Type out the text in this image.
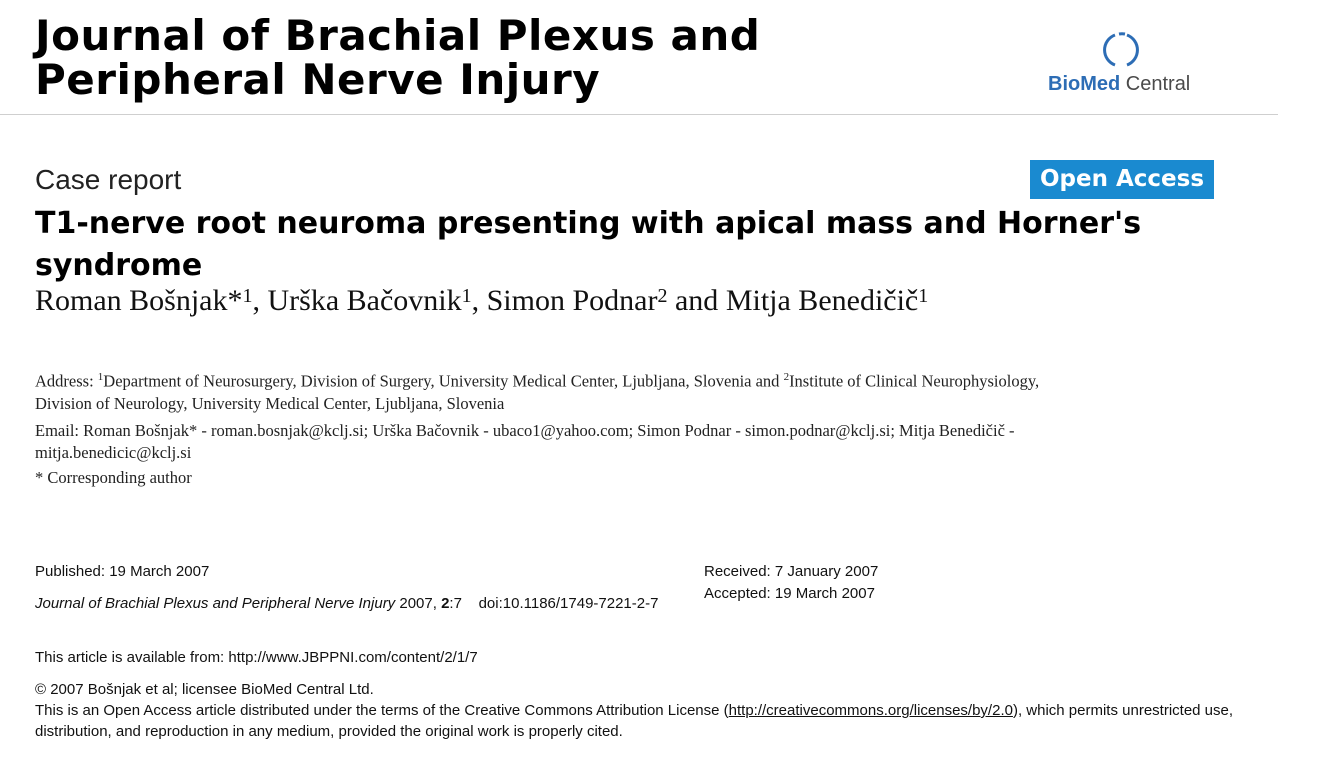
Journal of Brachial Plexus and
Peripheral Nerve Injury	BioMed Central
Case report	Open Access
T1-nerve root neuroma presenting with apical mass and Horner's syndrome
Roman Bošnjak*$^1$, Urška Bačovnik$^1$, Simon Podnar$^2$ and Mitja Benedičič$^1$
Address: $^1$Department of Neurosurgery, Division of Surgery, University Medical Center, Ljubljana, Slovenia and $^2$Institute of Clinical Neurophysiology, Division of Neurology, University Medical Center, Ljubljana, Slovenia
Email: Roman Bošnjak* - roman.bosnjak@kclj.si; Urška Bačovnik - ubaco1@yahoo.com; Simon Podnar - simon.podnar@kclj.si; Mitja Benedičič - mitja.benedicic@kclj.si
* Corresponding author
Published: 19 March 2007
Journal of Brachial Plexus and Peripheral Nerve Injury 2007, 2:7    doi:10.1186/1749-7221-2-7
Received: 7 January 2007
Accepted: 19 March 2007
This article is available from: http://www.JBPPNI.com/content/2/1/7
© 2007 Bošnjak et al; licensee BioMed Central Ltd.
This is an Open Access article distributed under the terms of the Creative Commons Attribution License (http://creativecommons.org/licenses/by/2.0), which permits unrestricted use, distribution, and reproduction in any medium, provided the original work is properly cited.
